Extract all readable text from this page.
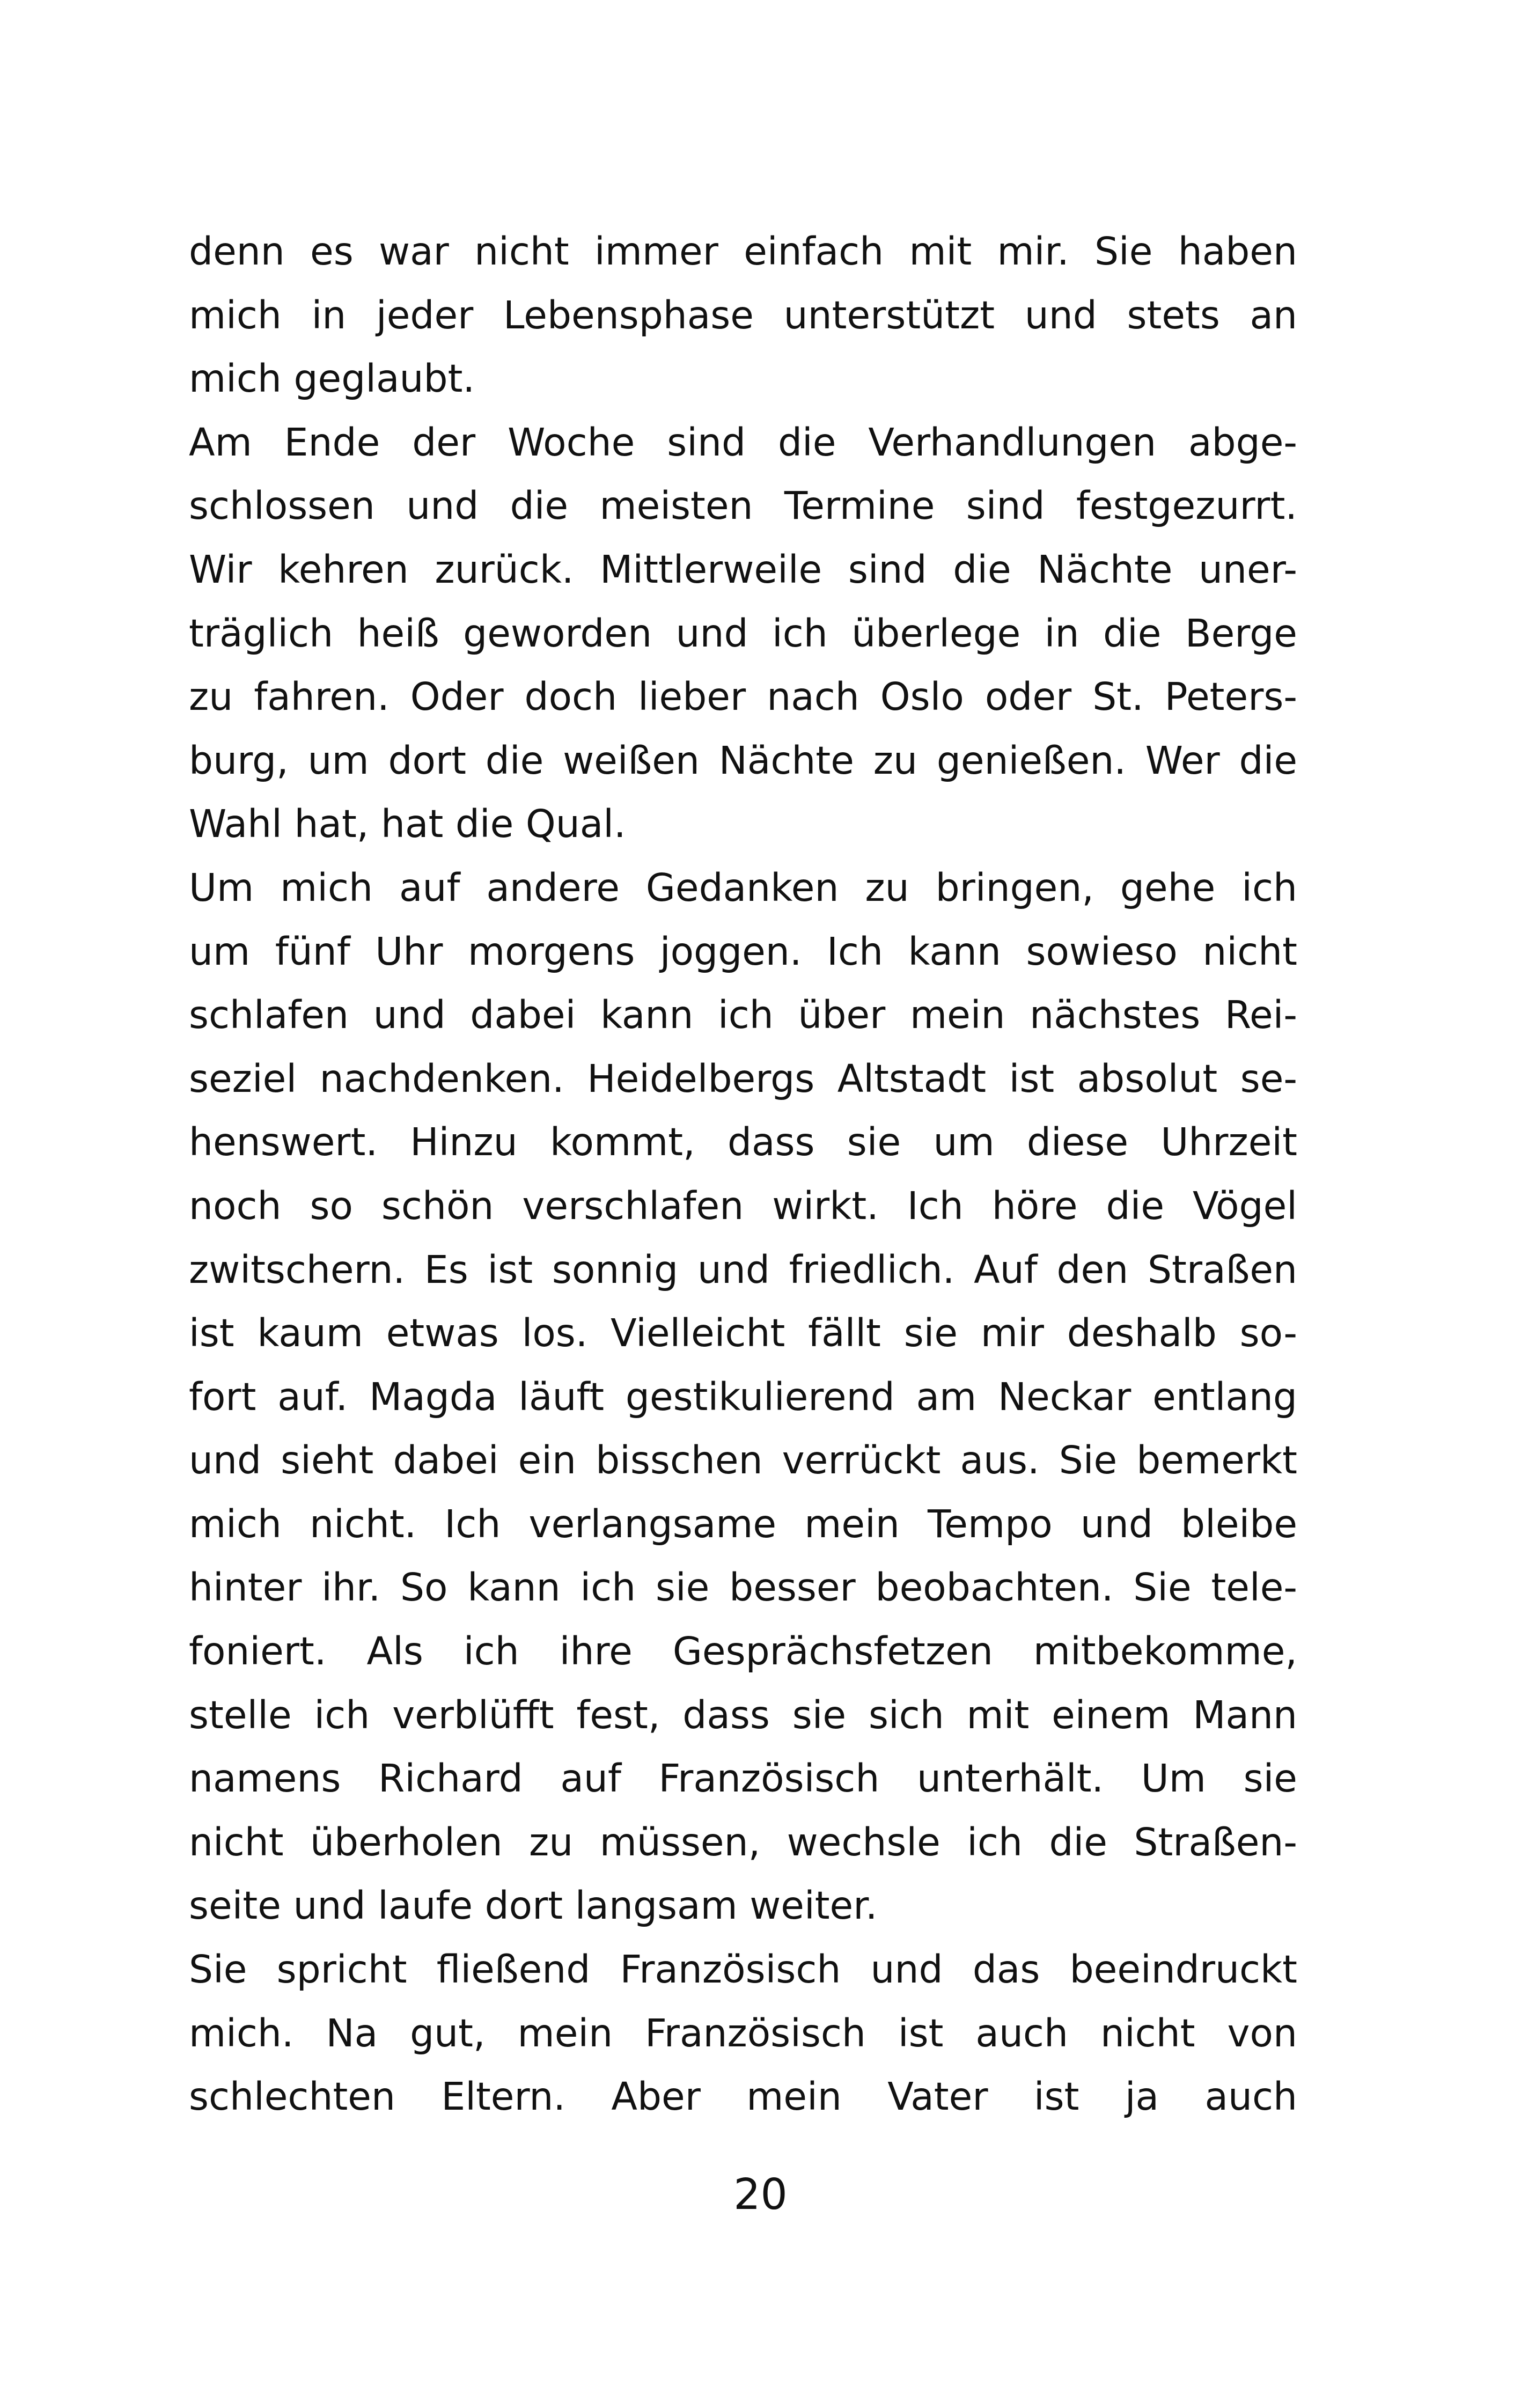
denn es war nicht immer einfach mit mir. Sie haben
mich in jeder Lebensphase unterstützt und stets an
mich geglaubt.
Am Ende der Woche sind die Verhandlungen abge-
schlossen und die meisten Termine sind festgezurrt.
Wir kehren zurück. Mittlerweile sind die Nächte uner-
träglich heiß geworden und ich überlege in die Berge
zu fahren. Oder doch lieber nach Oslo oder St. Peters-
burg, um dort die weißen Nächte zu genießen. Wer die
Wahl hat, hat die Qual.
Um mich auf andere Gedanken zu bringen, gehe ich
um fünf Uhr morgens joggen. Ich kann sowieso nicht
schlafen und dabei kann ich über mein nächstes Rei-
seziel nachdenken. Heidelbergs Altstadt ist absolut se-
henswert. Hinzu kommt, dass sie um diese Uhrzeit
noch so schön verschlafen wirkt. Ich höre die Vögel
zwitschern. Es ist sonnig und friedlich. Auf den Straßen
ist kaum etwas los. Vielleicht fällt sie mir deshalb so-
fort auf. Magda läuft gestikulierend am Neckar entlang
und sieht dabei ein bisschen verrückt aus. Sie bemerkt
mich nicht. Ich verlangsame mein Tempo und bleibe
hinter ihr. So kann ich sie besser beobachten. Sie tele-
foniert. Als ich ihre Gesprächsfetzen mitbekomme,
stelle ich verblüfft fest, dass sie sich mit einem Mann
namens Richard auf Französisch unterhält. Um sie
nicht überholen zu müssen, wechsle ich die Straßen-
seite und laufe dort langsam weiter.
Sie spricht fließend Französisch und das beeindruckt
mich. Na gut, mein Französisch ist auch nicht von
schlechten Eltern. Aber mein Vater ist ja auch
20
